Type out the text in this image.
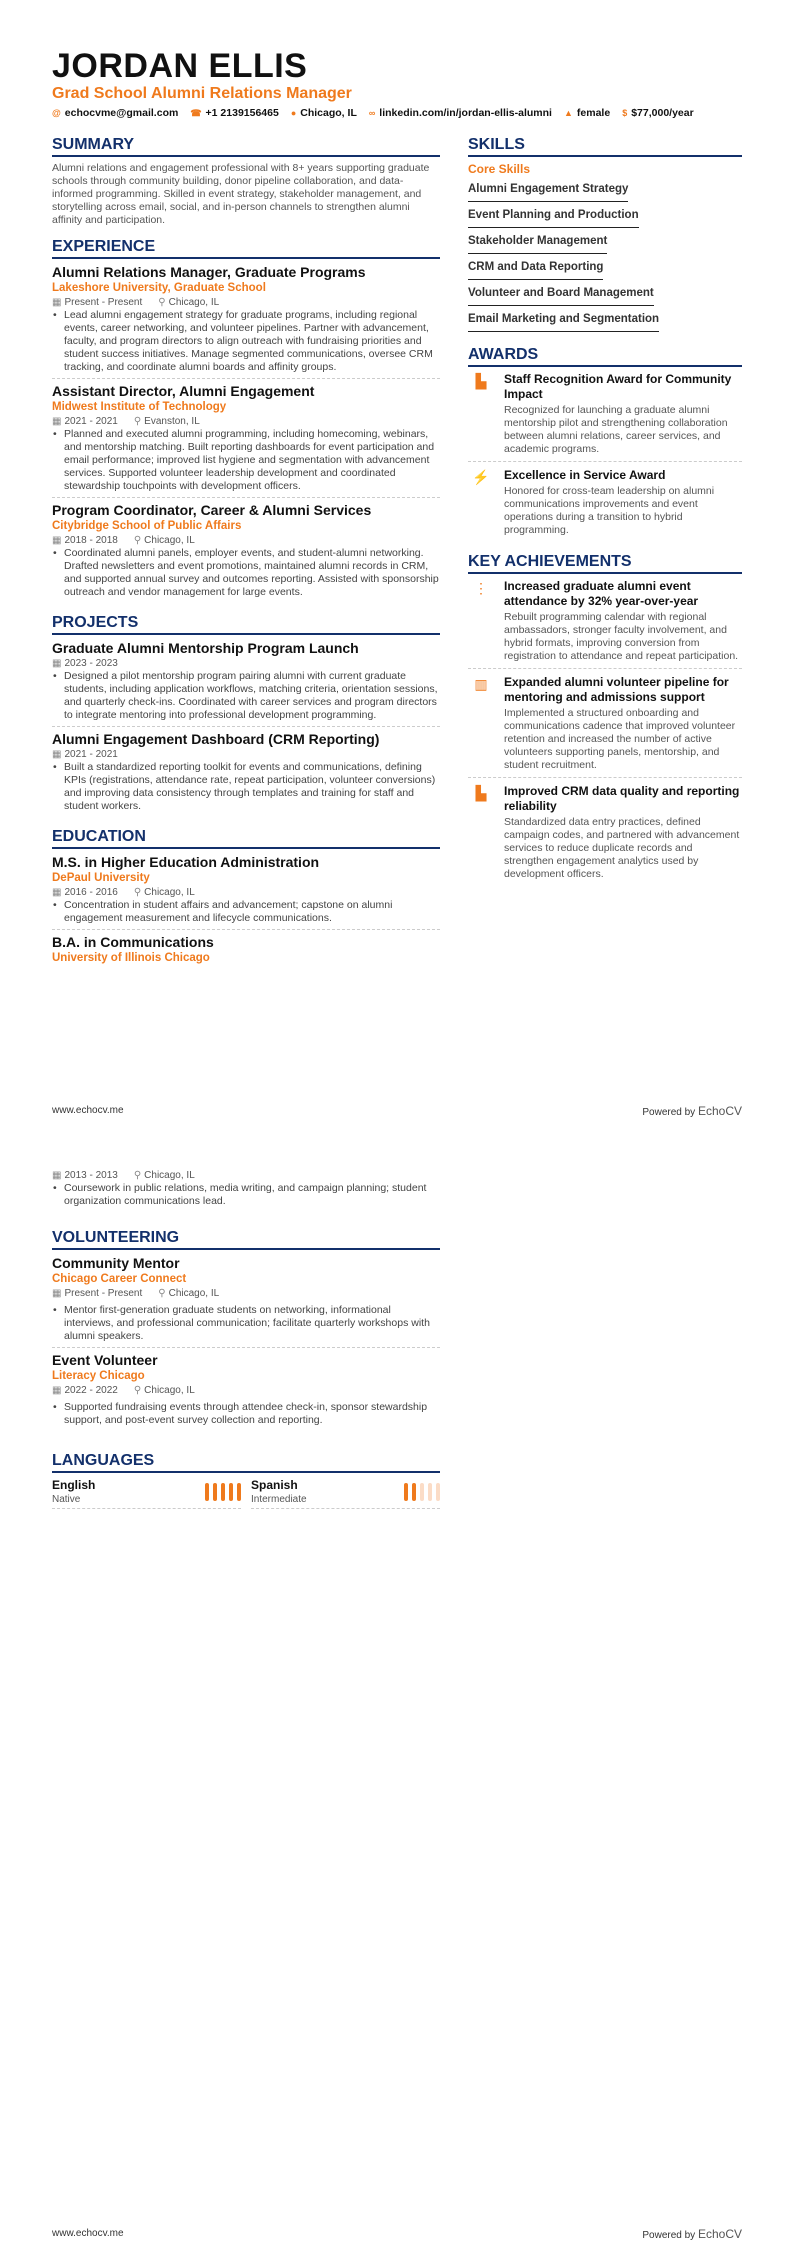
JORDAN ELLIS
Grad School Alumni Relations Manager
@ echocvme@gmail.com ☎ +1 2139156465 ● Chicago, IL ∞ linkedin.com/in/jordan-ellis-alumni ▲ female $ $77,000/year
SUMMARY
Alumni relations and engagement professional with 8+ years supporting graduate schools through community building, donor pipeline collaboration, and data-informed programming. Skilled in event strategy, stakeholder management, and storytelling across email, social, and in-person channels to strengthen alumni affinity and participation.
EXPERIENCE
Alumni Relations Manager, Graduate Programs
Lakeshore University, Graduate School
▦ Present - Present ⚲ Chicago, IL
• Lead alumni engagement strategy for graduate programs, including regional events, career networking, and volunteer pipelines. Partner with advancement, faculty, and program directors to align outreach with fundraising priorities and student success initiatives. Manage segmented communications, oversee CRM tracking, and coordinate alumni boards and affinity groups.
Assistant Director, Alumni Engagement
Midwest Institute of Technology
▦ 2021 - 2021 ⚲ Evanston, IL
• Planned and executed alumni programming, including homecoming, webinars, and mentorship matching. Built reporting dashboards for event participation and email performance; improved list hygiene and segmentation with advancement services. Supported volunteer leadership development and coordinated stewardship touchpoints with development officers.
Program Coordinator, Career & Alumni Services
Citybridge School of Public Affairs
▦ 2018 - 2018 ⚲ Chicago, IL
• Coordinated alumni panels, employer events, and student-alumni networking. Drafted newsletters and event promotions, maintained alumni records in CRM, and supported annual survey and outcomes reporting. Assisted with sponsorship outreach and vendor management for large events.
PROJECTS
Graduate Alumni Mentorship Program Launch
▦ 2023 - 2023
• Designed a pilot mentorship program pairing alumni with current graduate students, including application workflows, matching criteria, orientation sessions, and quarterly check-ins. Coordinated with career services and program directors to integrate mentoring into professional development programming.
Alumni Engagement Dashboard (CRM Reporting)
▦ 2021 - 2021
• Built a standardized reporting toolkit for events and communications, defining KPIs (registrations, attendance rate, repeat participation, volunteer conversions) and improving data consistency through templates and training for staff and student workers.
EDUCATION
M.S. in Higher Education Administration
DePaul University
▦ 2016 - 2016 ⚲ Chicago, IL
• Concentration in student affairs and advancement; capstone on alumni engagement measurement and lifecycle communications.
B.A. in Communications
University of Illinois Chicago
SKILLS
Core Skills
Alumni Engagement Strategy
Event Planning and Production
Stakeholder Management
CRM and Data Reporting
Volunteer and Board Management
Email Marketing and Segmentation
AWARDS
▙	Staff Recognition Award for Community Impact
Recognized for launching a graduate alumni mentorship pilot and strengthening collaboration between alumni relations, career services, and academic programs.
⚡	Excellence in Service Award
Honored for cross-team leadership on alumni communications improvements and event operations during a transition to hybrid programming.
KEY ACHIEVEMENTS
⋮	Increased graduate alumni event attendance by 32% year-over-year
Rebuilt programming calendar with regional ambassadors, stronger faculty involvement, and hybrid formats, improving conversion from registration to attendance and repeat participation.
▥	Expanded alumni volunteer pipeline for mentoring and admissions support
Implemented a structured onboarding and communications cadence that improved volunteer retention and increased the number of active volunteers supporting panels, mentorship, and student recruitment.
▙	Improved CRM data quality and reporting reliability
Standardized data entry practices, defined campaign codes, and partnered with advancement services to reduce duplicate records and strengthen engagement analytics used by development officers.
www.echocv.me	Powered by EchoCV
▦ 2013 - 2013 ⚲ Chicago, IL
• Coursework in public relations, media writing, and campaign planning; student organization communications lead.
VOLUNTEERING
Community Mentor
Chicago Career Connect
▦ Present - Present ⚲ Chicago, IL
• Mentor first-generation graduate students on networking, informational interviews, and professional communication; facilitate quarterly workshops with alumni speakers.
Event Volunteer
Literacy Chicago
▦ 2022 - 2022 ⚲ Chicago, IL
• Supported fundraising events through attendee check-in, sponsor stewardship support, and post-event survey collection and reporting.
LANGUAGES
English
Native
Spanish
Intermediate
www.echocv.me	Powered by EchoCV
